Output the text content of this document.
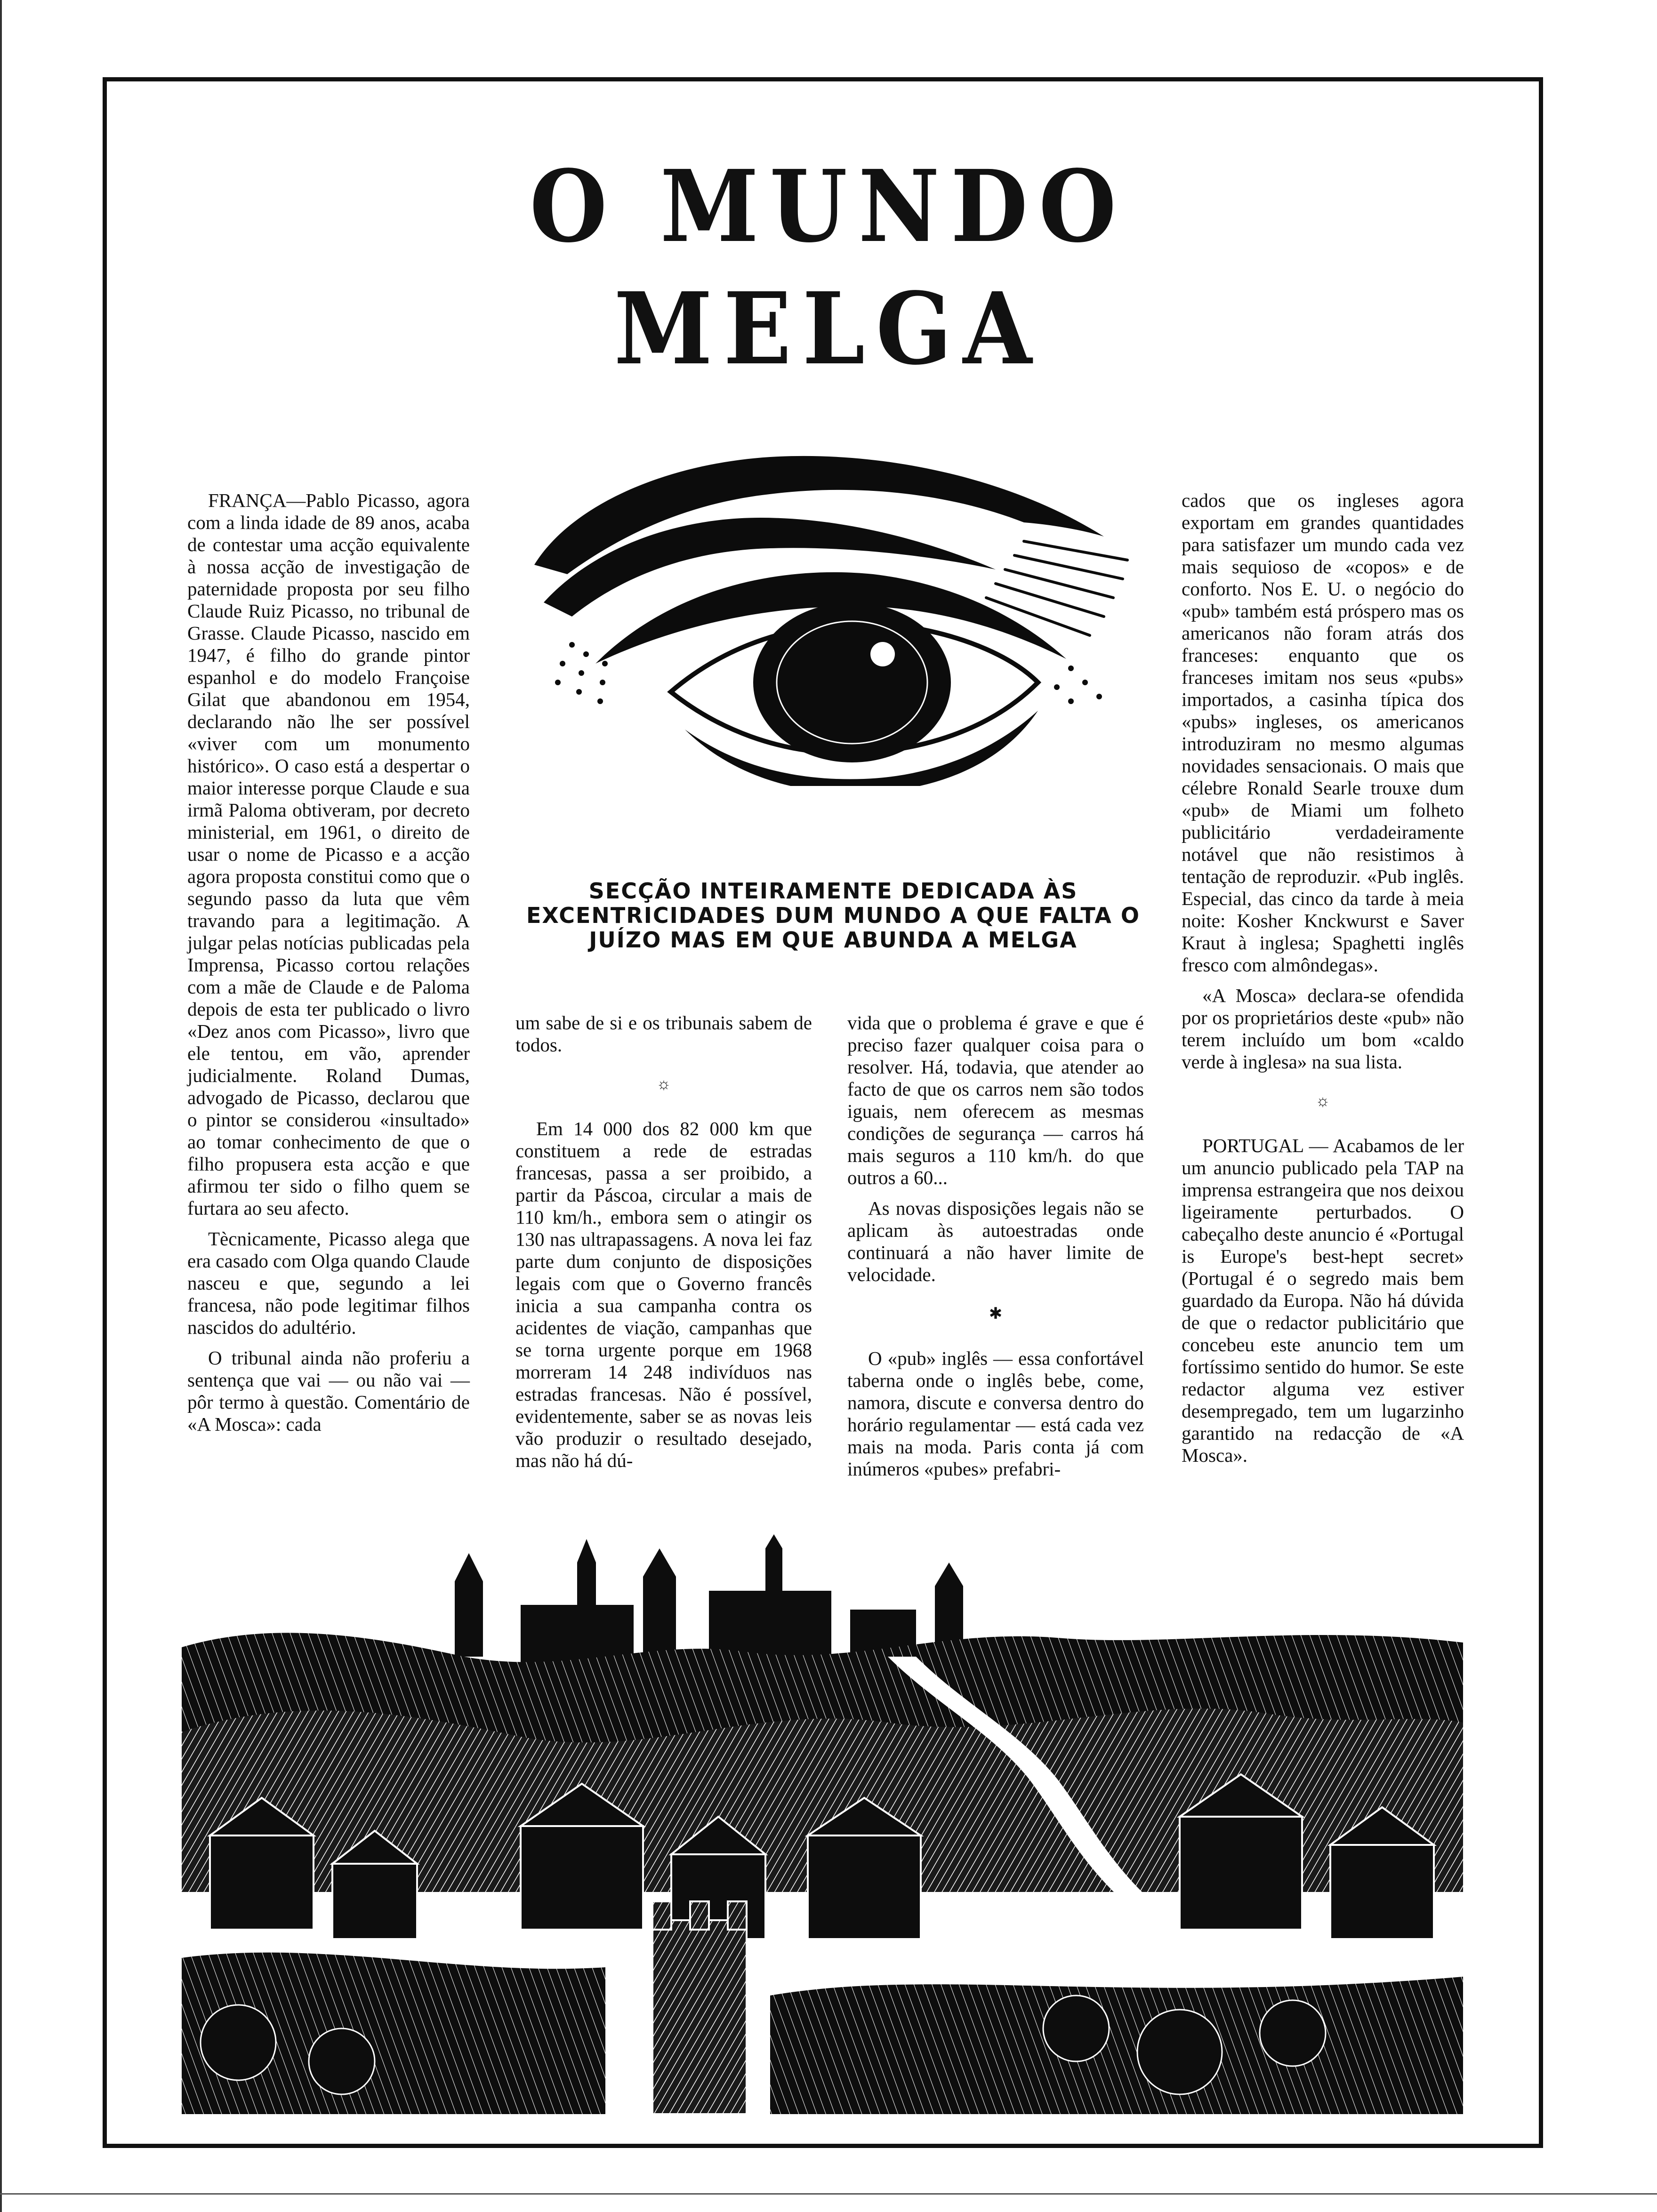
O MUNDO
MELGA
SECÇÃO INTEIRAMENTE DEDICADA ÀS EXCENTRICIDADES DUM MUNDO A QUE FALTA O JUÍZO MAS EM QUE ABUNDA A MELGA

FRANÇA—Pablo Picasso, agora com a linda idade de 89 anos, acaba de contestar uma acção equivalente à nossa acção de investigação de paternidade proposta por seu filho Claude Ruiz Picasso, no tribunal de Grasse. Claude Picasso, nascido em 1947, é filho do grande pintor espanhol e do modelo Françoise Gilat que abandonou em 1954, declarando não lhe ser possível «viver com um monumento histórico». O caso está a despertar o maior interesse porque Claude e sua irmã Paloma obtiveram, por decreto ministerial, em 1961, o direito de usar o nome de Picasso e a acção agora proposta constitui como que o segundo passo da luta que vêm travando para a legitimação. A julgar pelas notícias publicadas pela Imprensa, Picasso cortou relações com a mãe de Claude e de Paloma depois de esta ter publicado o livro «Dez anos com Picasso», livro que ele tentou, em vão, aprender judicialmente. Roland Dumas, advogado de Picasso, declarou que o pintor se considerou «insultado» ao tomar conhecimento de que o filho propusera esta acção e que afirmou ter sido o filho quem se furtara ao seu afecto.

Tècnicamente, Picasso alega que era casado com Olga quando Claude nasceu e que, segundo a lei francesa, não pode legitimar filhos nascidos do adultério.

O tribunal ainda não proferiu a sentença que vai — ou não vai — pôr termo à questão. Comentário de «A Mosca»: cada

um sabe de si e os tribunais sabem de todos.

☼

Em 14 000 dos 82 000 km que constituem a rede de estradas francesas, passa a ser proibido, a partir da Páscoa, circular a mais de 110 km/h., embora sem o atingir os 130 nas ultrapassagens. A nova lei faz parte dum conjunto de disposições legais com que o Governo francês inicia a sua campanha contra os acidentes de viação, campanhas que se torna urgente porque em 1968 morreram 14 248 indivíduos nas estradas francesas. Não é possível, evidentemente, saber se as novas leis vão produzir o resultado desejado, mas não há dú-

vida que o problema é grave e que é preciso fazer qualquer coisa para o resolver. Há, todavia, que atender ao facto de que os carros nem são todos iguais, nem oferecem as mesmas condições de segurança — carros há mais seguros a 110 km/h. do que outros a 60...

As novas disposições legais não se aplicam às autoestradas onde continuará a não haver limite de velocidade.

✱

O «pub» inglês — essa confortável taberna onde o inglês bebe, come, namora, discute e conversa dentro do horário regulamentar — está cada vez mais na moda. Paris conta já com inúmeros «pubes» prefabri-

cados que os ingleses agora exportam em grandes quantidades para satisfazer um mundo cada vez mais sequioso de «copos» e de conforto. Nos E. U. o negócio do «pub» também está próspero mas os americanos não foram atrás dos franceses: enquanto que os franceses imitam nos seus «pubs» importados, a casinha típica dos «pubs» ingleses, os americanos introduziram no mesmo algumas novidades sensacionais. O mais que célebre Ronald Searle trouxe dum «pub» de Miami um folheto publicitário verdadeiramente notável que não resistimos à tentação de reproduzir. «Pub inglês. Especial, das cinco da tarde à meia noite: Kosher Knckwurst e Saver Kraut à inglesa; Spaghetti inglês fresco com almôndegas».

«A Mosca» declara-se ofendida por os proprietários deste «pub» não terem incluído um bom «caldo verde à inglesa» na sua lista.

☼

PORTUGAL — Acabamos de ler um anuncio publicado pela TAP na imprensa estrangeira que nos deixou ligeiramente perturbados. O cabeçalho deste anuncio é «Portugal is Europe's best-hept secret» (Portugal é o segredo mais bem guardado da Europa. Não há dúvida de que o redactor publicitário que concebeu este anuncio tem um fortíssimo sentido do humor. Se este redactor alguma vez estiver desempregado, tem um lugarzinho garantido na redacção de «A Mosca».
